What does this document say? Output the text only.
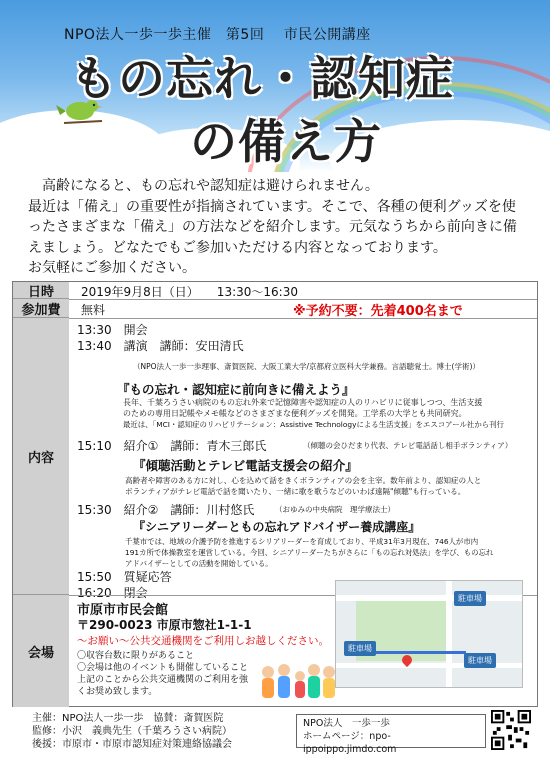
NPO法人一歩一歩主催　第5回　 市民公開講座
もの忘れ・認知症
の備え方

高齢になると、もの忘れや認知症は避けられません。

最近は「備え」の重要性が指摘されています。そこで、各種の便利グッズを使ったさまざまな「備え」の方法などを紹介します。元気なうちから前向きに備えましょう。どなたでもご参加いただける内容となっております。

お気軽にご参加ください。

日時	2019年9月8日（日）　　13:30～16:30
参加費	無料	※予約不要：先着400名まで
内容
13:30　開会
13:40　講演　講師：安田清氏
（NPO法人一歩一歩理事、斎賀医院、大阪工業大学/京都府立医科大学兼務。言語聴覚士。博士(学術)）
『もの忘れ・認知症に前向きに備えよう』
長年、千葉ろうさい病院のもの忘れ外来で記憶障害や認知症の人のリハビリに従事しつつ、生活支援
のための専用日記帳やメモ帳などのさまざまな便利グッズを開発。工学系の大学とも共同研究。
最近は、「MCI・認知症のリハビリテーション：Assistive Technologyによる生活支援」をエスコアール社から刊行
15:10　紹介①　講師：青木三郎氏	（傾聴の会ひだまり代表、テレビ電話話し相手ボランティア）
『傾聴活動とテレビ電話支援会の紹介』
高齢者や障害のある方に対し、心を込めて話をきくボランティアの会を主宰。数年前より、認知症の人と
ボランティアがテレビ電話で話を聞いたり、一緒に歌を歌うなどのいわば遠隔"傾聴"も行っている。
15:30　紹介②　講師：川村悠氏	（おゆみの中央病院　理学療法士）
『シニアリーダーともの忘れアドバイザー養成講座』
千葉市では、地域の介護予防を推進するシリアリーダーを育成しており、平成31年3月現在、746人が市内
191カ所で体操教室を運営している。今回、シニアリーダーたちがさらに「もの忘れ対処法」を学び、もの忘れ
アドバイザーとしての活動を開始している。
15:50　質疑応答
16:20　閉会
会場
市原市市民会館
〒290-0023 市原市惣社1-1-1
～お願い～公共交通機関をご利用しお越しください。
〇収容台数に限りがあること
〇会場は他のイベントも開催していること
上記のことから公共交通機関のご利用を強
くお奨め致します。
駐車場
駐車場
駐車場
主催：NPO法人一歩一歩　協賛：斎賀医院
監修：小沢　義典先生（千葉ろうさい病院）
後援：市原市・市原市認知症対策連絡協議会
NPO法人　一歩一歩
ホームページ：npo-ippoippo.jimdo.com
